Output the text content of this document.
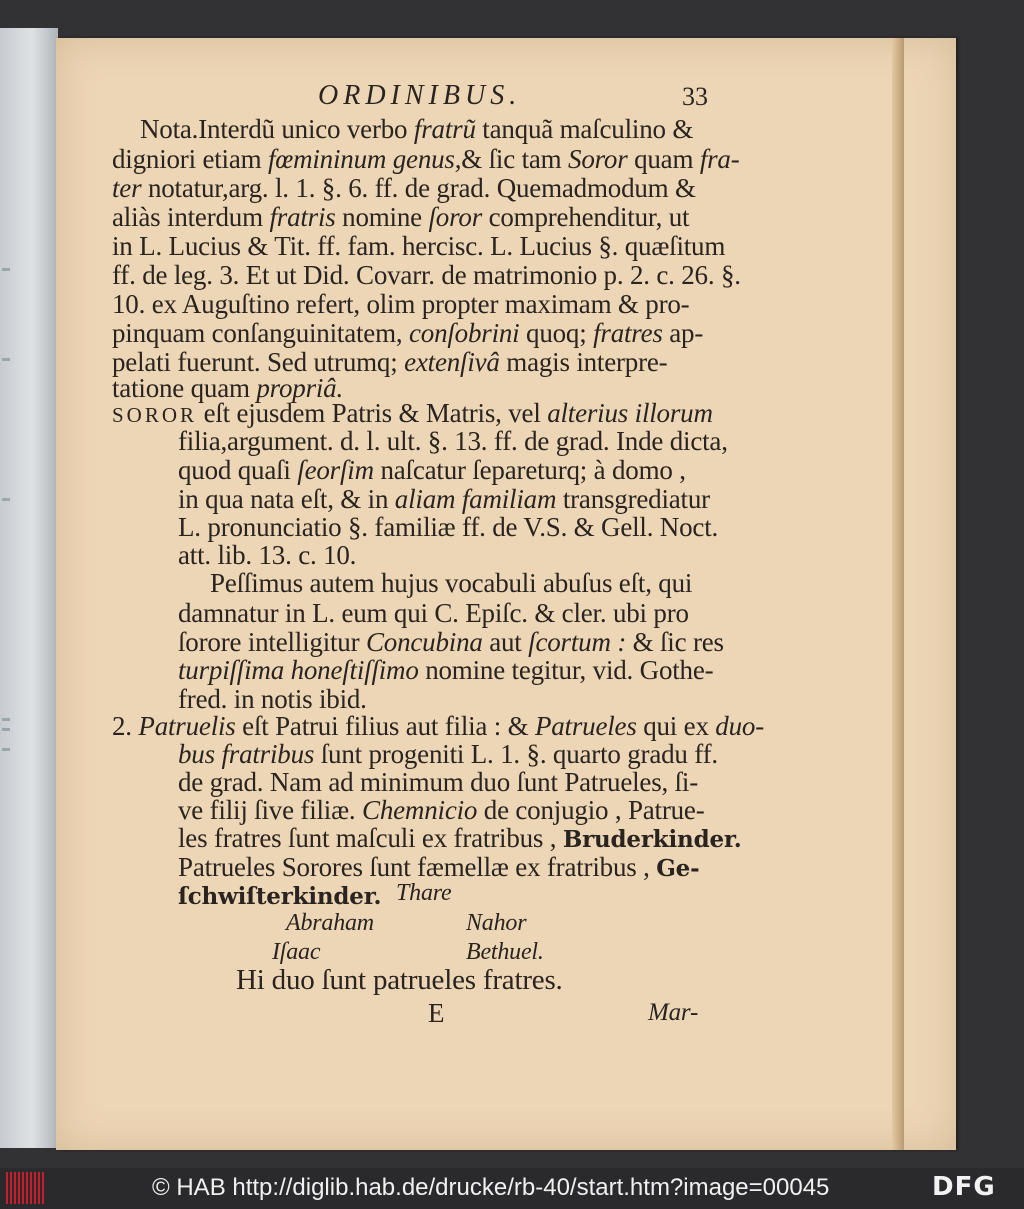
ORDINIBUS.	33
Nota.Interdũ unico verbo fratrũ tanquã maſculino &
digniori etiam fœmininum genus,& ſic tam Soror quam fra-
ter notatur,arg. l. 1. §. 6. ff. de grad. Quemadmodum &
aliàs interdum fratris nomine ſoror comprehenditur, ut
in L. Lucius & Tit. ff. fam. hercisc. L. Lucius §. quæſitum
ff. de leg. 3. Et ut Did. Covarr. de matrimonio p. 2. c. 26. §.
10. ex Auguſtino refert, olim propter maximam & pro-
pinquam conſanguinitatem, conſobrini quoq; fratres ap-
pelati fuerunt. Sed utrumq; extenſivâ magis interpre-
tatione quam propriâ.
SOROR eſt ejusdem Patris & Matris, vel alterius illorum
filia,argument. d. l. ult. §. 13. ff. de grad. Inde dicta,
quod quaſi ſeorſim naſcatur ſepareturq; à domo ,
in qua nata eſt, & in aliam familiam transgrediatur
L. pronunciatio §. familiæ ff. de V.S. & Gell. Noct.
att. lib. 13. c. 10.
Peſſimus autem hujus vocabuli abuſus eſt, qui
damnatur in L. eum qui C. Epiſc. & cler. ubi pro
ſorore intelligitur Concubina aut ſcortum : & ſic res
turpiſſima honeſtiſſimo nomine tegitur, vid. Gothe-
fred. in notis ibid.
2. Patruelis eſt Patrui filius aut filia : & Patrueles qui ex duo-
bus fratribus ſunt progeniti L. 1. §. quarto gradu ff.
de grad. Nam ad minimum duo ſunt Patrueles, ſi-
ve filij ſive filiæ. Chemnicio de conjugio , Patrue-
les fratres ſunt maſculi ex fratribus , Bruderkinder.
Patrueles Sorores ſunt fæmellæ ex fratribus , Ge-
ſchwiſterkinder. Thare
Abraham	Nahor
Iſaac	Bethuel.
Hi duo ſunt patrueles fratres.
E	Mar-
© HAB http://diglib.hab.de/drucke/rb-40/start.htm?image=00045	DFG
